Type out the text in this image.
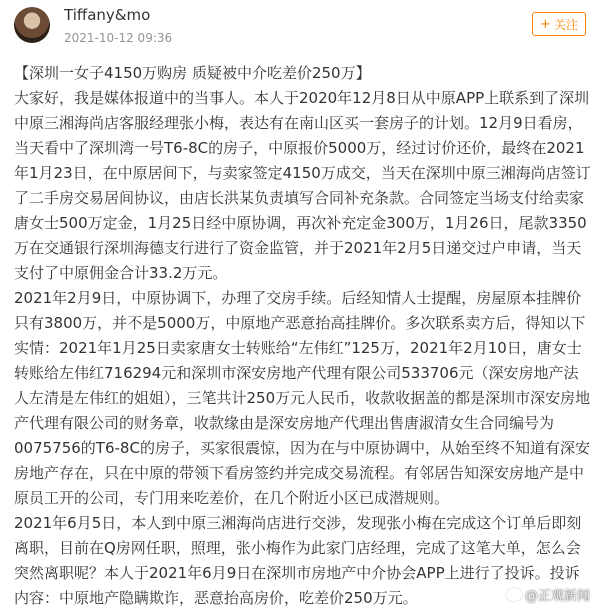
Tiffany&mo
2021-10-12 09:36
+ 关注

【深圳一女子4150万购房 质疑被中介吃差价250万】

大家好，我是媒体报道中的当事人。本人于2020年12月8日从中原APP上联系到了深圳中原三湘海尚店客服经理张小梅，表达有在南山区买一套房子的计划。12月9日看房，当天看中了深圳湾一号T6-8C的房子，中原报价5000万，经过讨价还价，最终在2021年1月23日，在中原居间下，与卖家签定4150万成交，当天在深圳中原三湘海尚店签订了二手房交易居间协议，由店长洪某负责填写合同补充条款。合同签定当场支付给卖家唐女士500万定金，1月25日经中原协调，再次补充定金300万，1月26日，尾款3350万在交通银行深圳海德支行进行了资金监管，并于2021年2月5日递交过户申请，当天支付了中原佣金合计33.2万元。

2021年2月9日，中原协调下，办理了交房手续。后经知情人士提醒，房屋原本挂牌价只有3800万，并不是5000万，中原地产恶意抬高挂牌价。多次联系卖方后，得知以下实情：2021年1月25日卖家唐女士转账给“左伟红”125万，2021年2月10日，唐女士转账给左伟红716294元和深圳市深安房地产代理有限公司533706元（深安房地产法人左清是左伟红的姐姐），三笔共计250万元人民币，收款收据盖的都是深圳市深安房地产代理有限公司的财务章，收款缘由是深安房地产代理出售唐淑清女生合同编号为0075756的T6-8C的房子，买家很震惊，因为在与中原协调中，从始至终不知道有深安房地产存在，只在中原的带领下看房签约并完成交易流程。有邻居告知深安房地产是中原员工开的公司，专门用来吃差价，在几个附近小区已成潜规则。

2021年6月5日，本人到中原三湘海尚店进行交涉，发现张小梅在完成这个订单后即刻离职，目前在Q房网任职，照理，张小梅作为此家门店经理，完成了这笔大单，怎么会突然离职呢？本人于2021年6月9日在深圳市房地产中介协会APP上进行了投诉。投诉内容：中原地产隐瞒欺诈，恶意抬高房价，吃差价250万元。	@正观新闻
